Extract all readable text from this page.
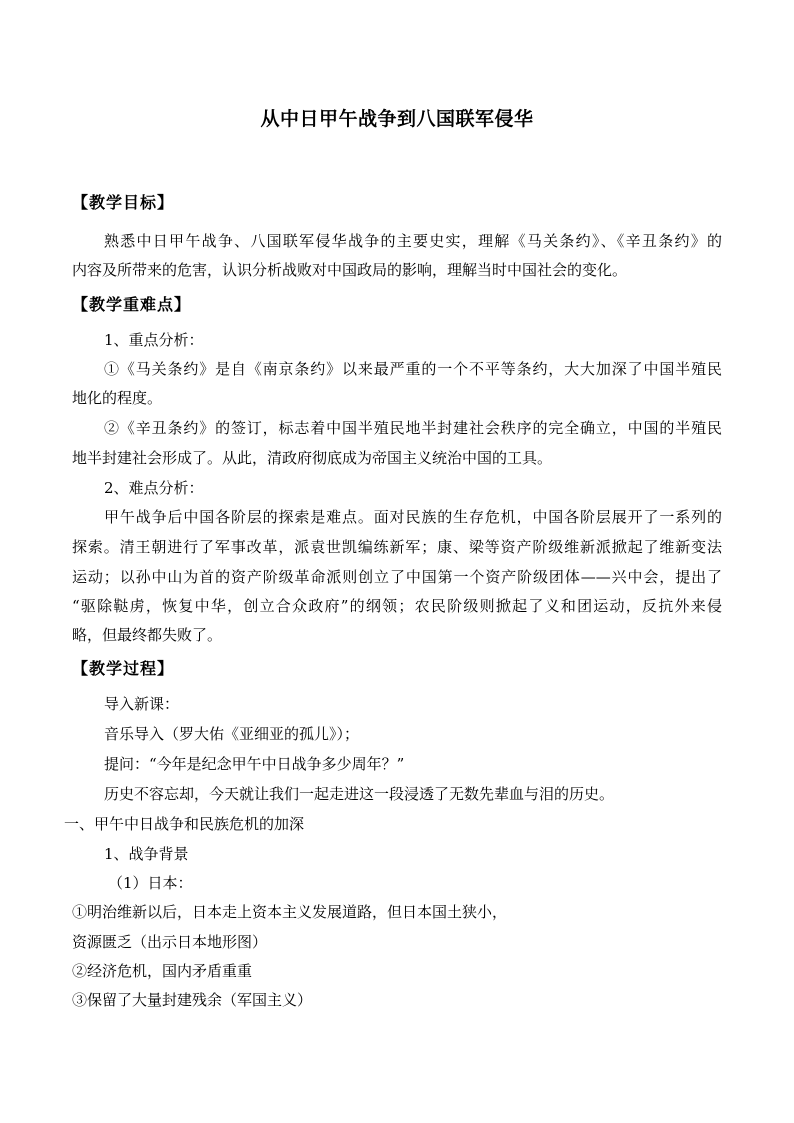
从中日甲午战争到八国联军侵华
【教学目标】
熟悉中日甲午战争、八国联军侵华战争的主要史实，理解《马关条约》、《辛丑条约》的
内容及所带来的危害，认识分析战败对中国政局的影响，理解当时中国社会的变化。
【教学重难点】
1、重点分析：
①《马关条约》是自《南京条约》以来最严重的一个不平等条约，大大加深了中国半殖民
地化的程度。
②《辛丑条约》的签订，标志着中国半殖民地半封建社会秩序的完全确立，中国的半殖民
地半封建社会形成了。从此，清政府彻底成为帝国主义统治中国的工具。
2、难点分析：
甲午战争后中国各阶层的探索是难点。面对民族的生存危机，中国各阶层展开了一系列的
探索。清王朝进行了军事改革，派袁世凯编练新军；康、梁等资产阶级维新派掀起了维新变法
运动；以孙中山为首的资产阶级革命派则创立了中国第一个资产阶级团体——兴中会，提出了
“驱除鞑虏，恢复中华，创立合众政府”的纲领；农民阶级则掀起了义和团运动，反抗外来侵
略，但最终都失败了。
【教学过程】
导入新课：
音乐导入（罗大佑《亚细亚的孤儿》）；
提问：“今年是纪念甲午中日战争多少周年？”
历史不容忘却，今天就让我们一起走进这一段浸透了无数先辈血与泪的历史。
一、甲午中日战争和民族危机的加深
1、战争背景
（1）日本：
①明治维新以后，日本走上资本主义发展道路，但日本国土狭小，
资源匮乏（出示日本地形图）
②经济危机，国内矛盾重重
③保留了大量封建残余（军国主义）
